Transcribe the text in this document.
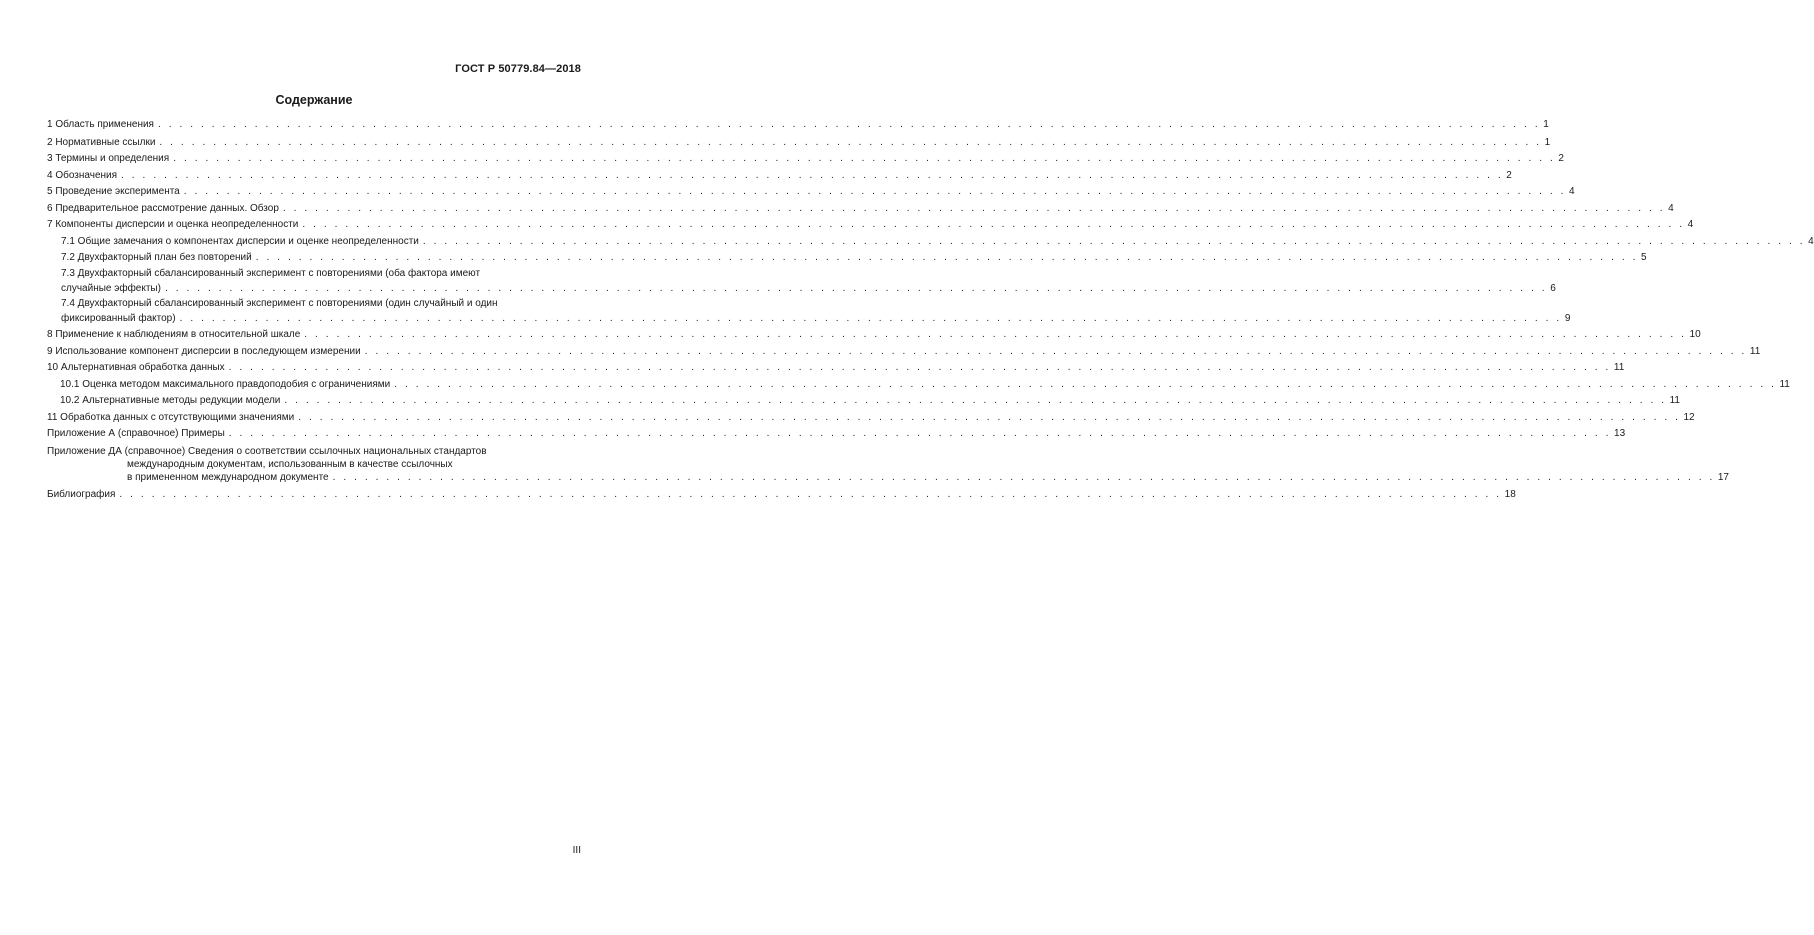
ГОСТ Р 50779.84—2018
Содержание
1 Область применения . . .	1
2 Нормативные ссылки . . .	1
3 Термины и определения . . .	2
4 Обозначения . . .	2
5 Проведение эксперимента . . .	4
6 Предварительное рассмотрение данных. Обзор . . .	4
7 Компоненты дисперсии и оценка неопределенности . . .	4
7.1 Общие замечания о компонентах дисперсии и оценке неопределенности . . .	4
7.2 Двухфакторный план без повторений . . .	5
7.3 Двухфакторный сбалансированный эксперимент с повторениями (оба фактора имеют
случайные эффекты) . . .	6
7.4 Двухфакторный сбалансированный эксперимент с повторениями (один случайный и один
фиксированный фактор) . . .	9
8 Применение к наблюдениям в относительной шкале . . .	10
9 Использование компонент дисперсии в последующем измерении . . .	11
10 Альтернативная обработка данных . . .	11
10.1 Оценка методом максимального правдоподобия с ограничениями . . .	11
10.2 Альтернативные методы редукции модели . . .	11
11 Обработка данных с отсутствующими значениями . . .	12
Приложение А (справочное) Примеры . . .	13
Приложение ДА (справочное) Сведения о соответствии ссылочных национальных стандартов
международным документам, использованным в качестве ссылочных
в примененном международном документе . . .	17
Библиография . . .	18
III
